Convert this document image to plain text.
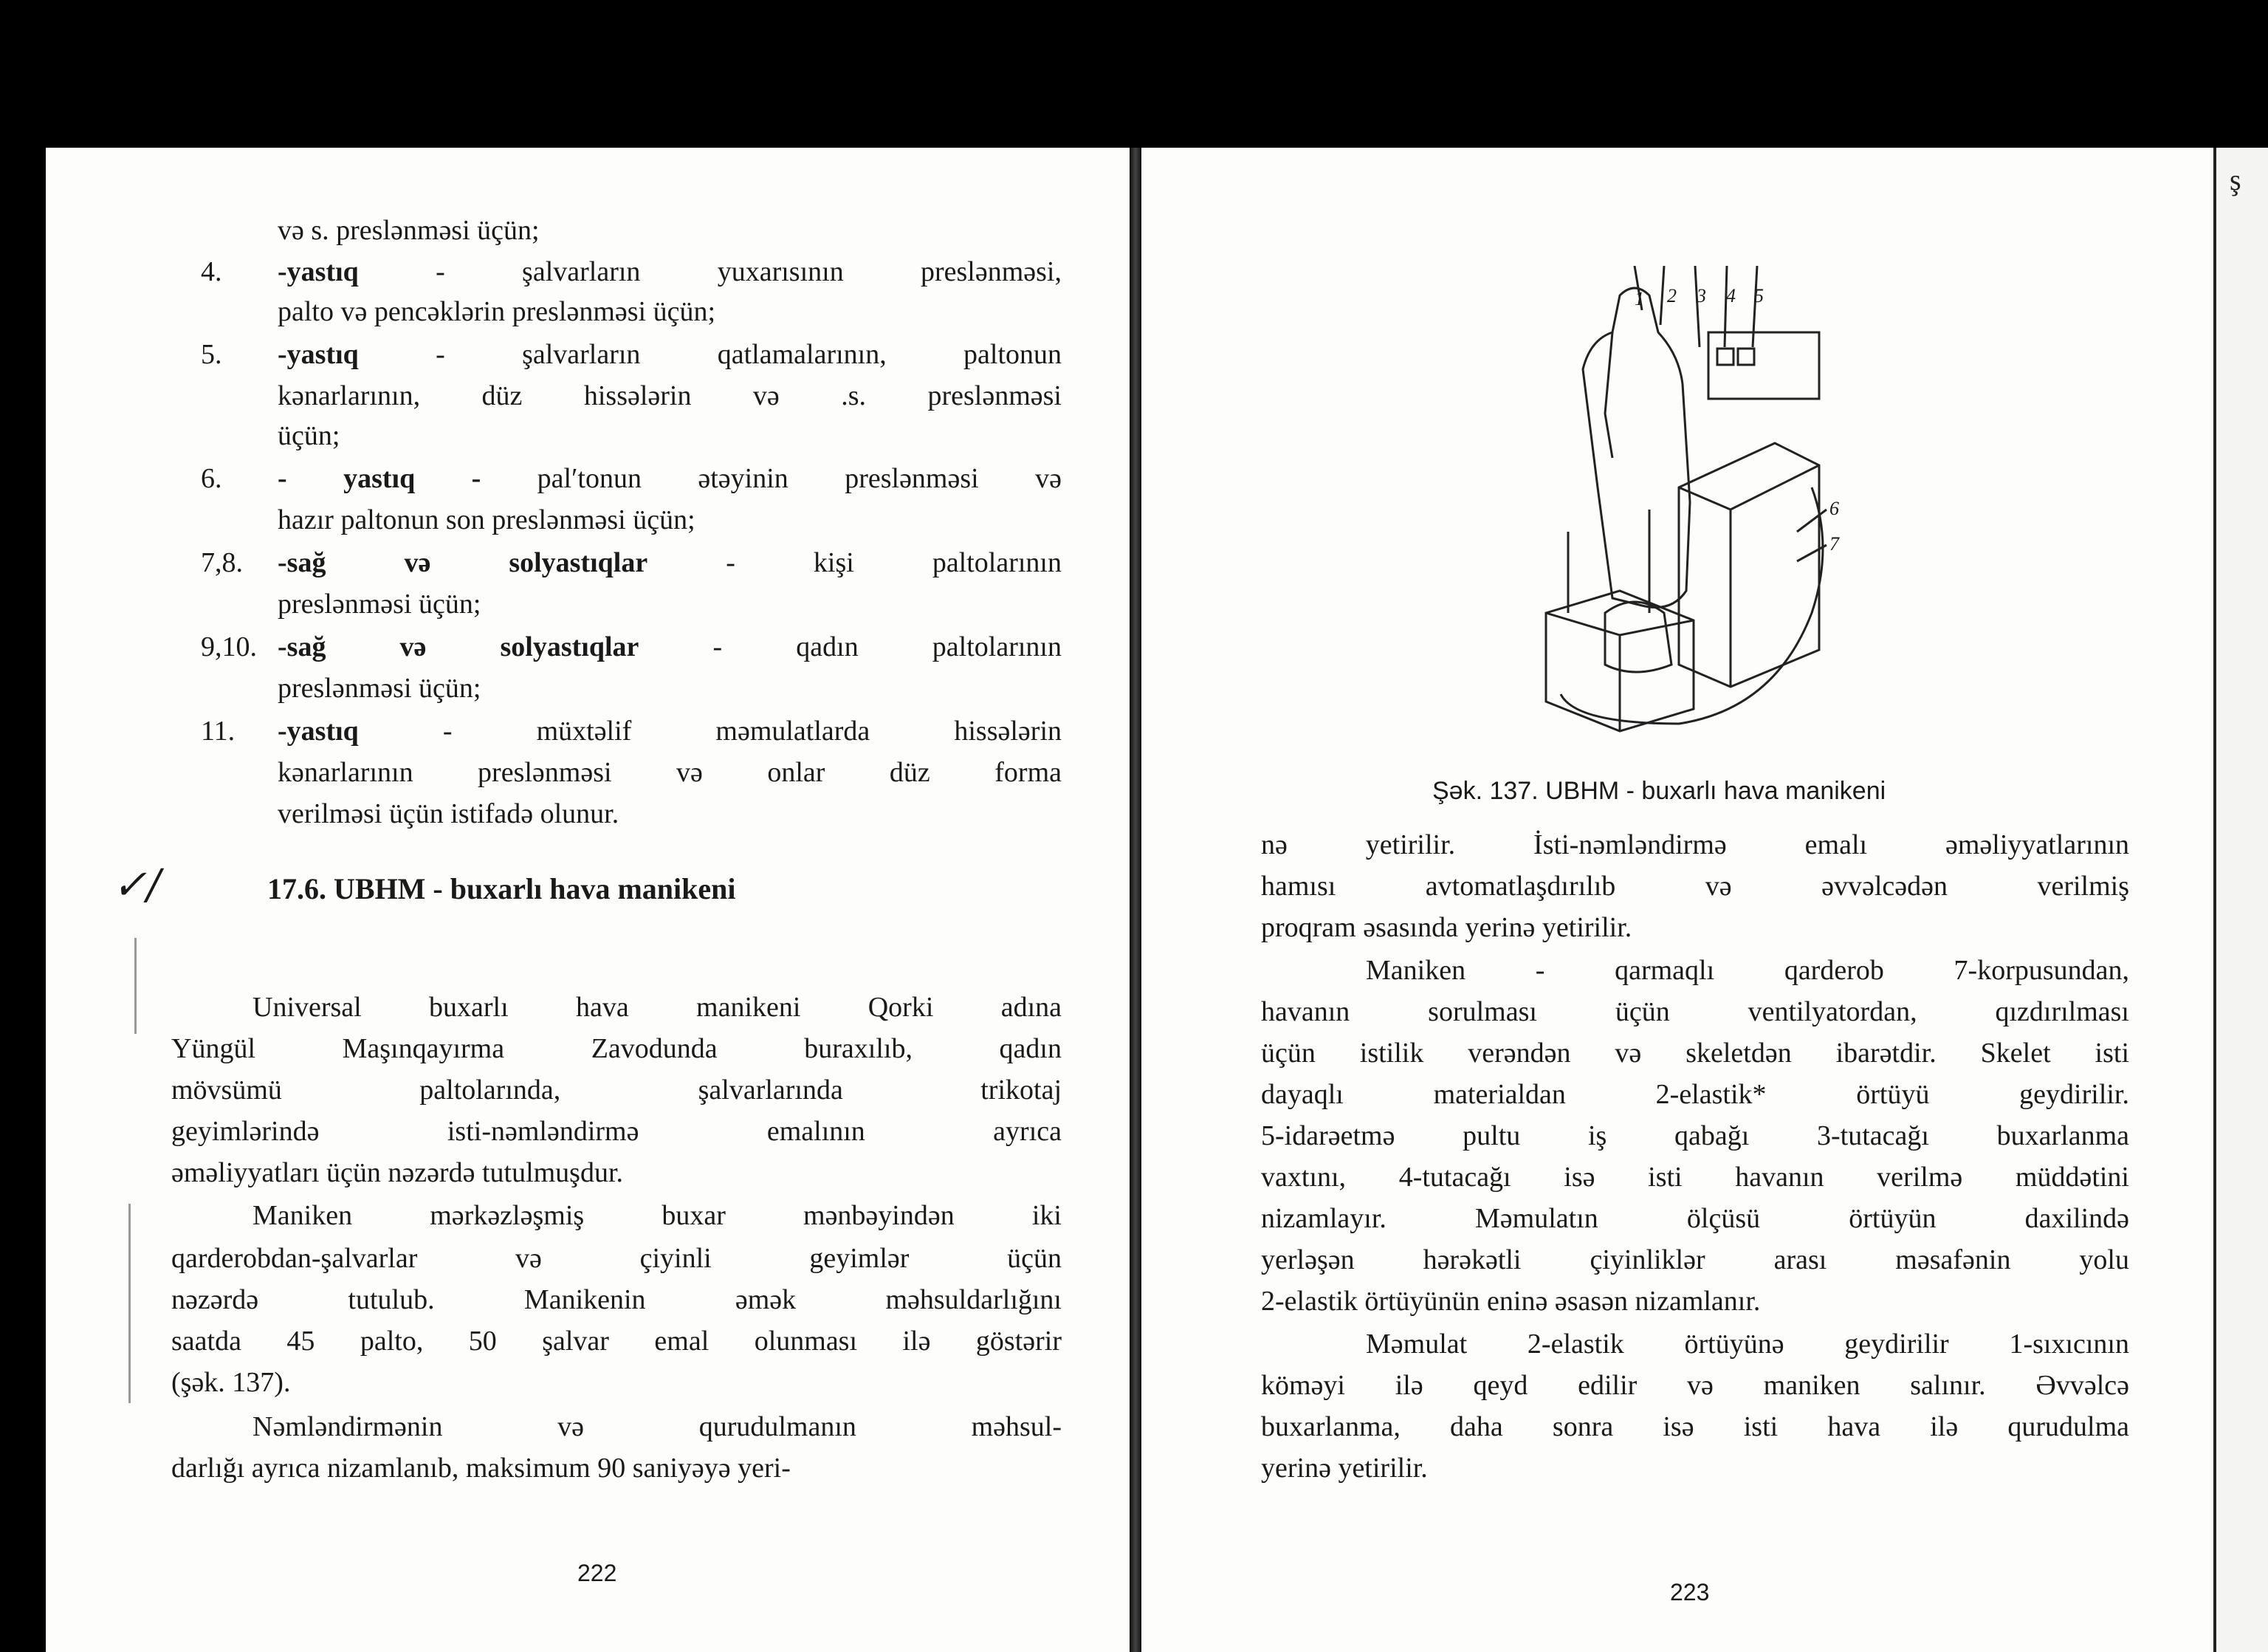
və s. preslənməsi üçün;
4. -yastıq - şalvarların yuxarısının preslənməsi,
palto və pencəklərin preslənməsi üçün;
5. -yastıq - şalvarların qatlamalarının, paltonun
kənarlarının, düz hissələrin və .s. preslənməsi
üçün;
6. - yastıq - palʹtonun ətəyinin preslənməsi və
hazır paltonun son preslənməsi üçün;
7,8. -sağ və solyastıqlar - kişi paltolarının
preslənməsi üçün;
9,10. -sağ və solyastıqlar - qadın paltolarının
preslənməsi üçün;
11. -yastıq - müxtəlif məmulatlarda hissələrin
kənarlarının preslənməsi və onlar düz forma
verilməsi üçün istifadə olunur.
✓/	17.6. UBHM - buxarlı hava manikeni
Universal buxarlı hava manikeni Qorki adına
Yüngül Maşınqayırma Zavodunda buraxılıb, qadın
mövsümü paltolarında, şalvarlarında trikotaj
geyimlərində isti-nəmləndirmə emalının ayrıca
əməliyyatları üçün nəzərdə tutulmuşdur.
Maniken mərkəzləşmiş buxar mənbəyindən iki
qarderobdan-şalvarlar və çiyinli geyimlər üçün
nəzərdə tutulub. Manikenin əmək məhsuldarlığını
saatda 45 palto, 50 şalvar emal olunması ilə göstərir
(şək. 137).
Nəmləndirmənin və qurudulmanın məhsul-
darlığı ayrıca nizamlanıb, maksimum 90 saniyəyə yeri-
222
1 2 3 4 5
6
7
Şək. 137. UBHM - buxarlı hava manikeni
nə yetirilir. İsti-nəmləndirmə emalı əməliyyatlarının
hamısı avtomatlaşdırılıb və əvvəlcədən verilmiş
proqram əsasında yerinə yetirilir.
Maniken - qarmaqlı qarderob 7-korpusundan,
havanın sorulması üçün ventilyatordan, qızdırılması
üçün istilik verəndən və skeletdən ibarətdir. Skelet isti
dayaqlı materialdan 2-elastik* örtüyü geydirilir.
5-idarəetmə pultu iş qabağı 3-tutacağı buxarlanma
vaxtını, 4-tutacağı isə isti havanın verilmə müddətini
nizamlayır. Məmulatın ölçüsü örtüyün daxilində
yerləşən hərəkətli çiyinliklər arası məsafənin yolu
2-elastik örtüyünün eninə əsasən nizamlanır.
Məmulat 2-elastik örtüyünə geydirilir 1-sıxıcının
köməyi ilə qeyd edilir və maniken salınır. Əvvəlcə
buxarlanma, daha sonra isə isti hava ilə qurudulma
yerinə yetirilir.
223
ş
